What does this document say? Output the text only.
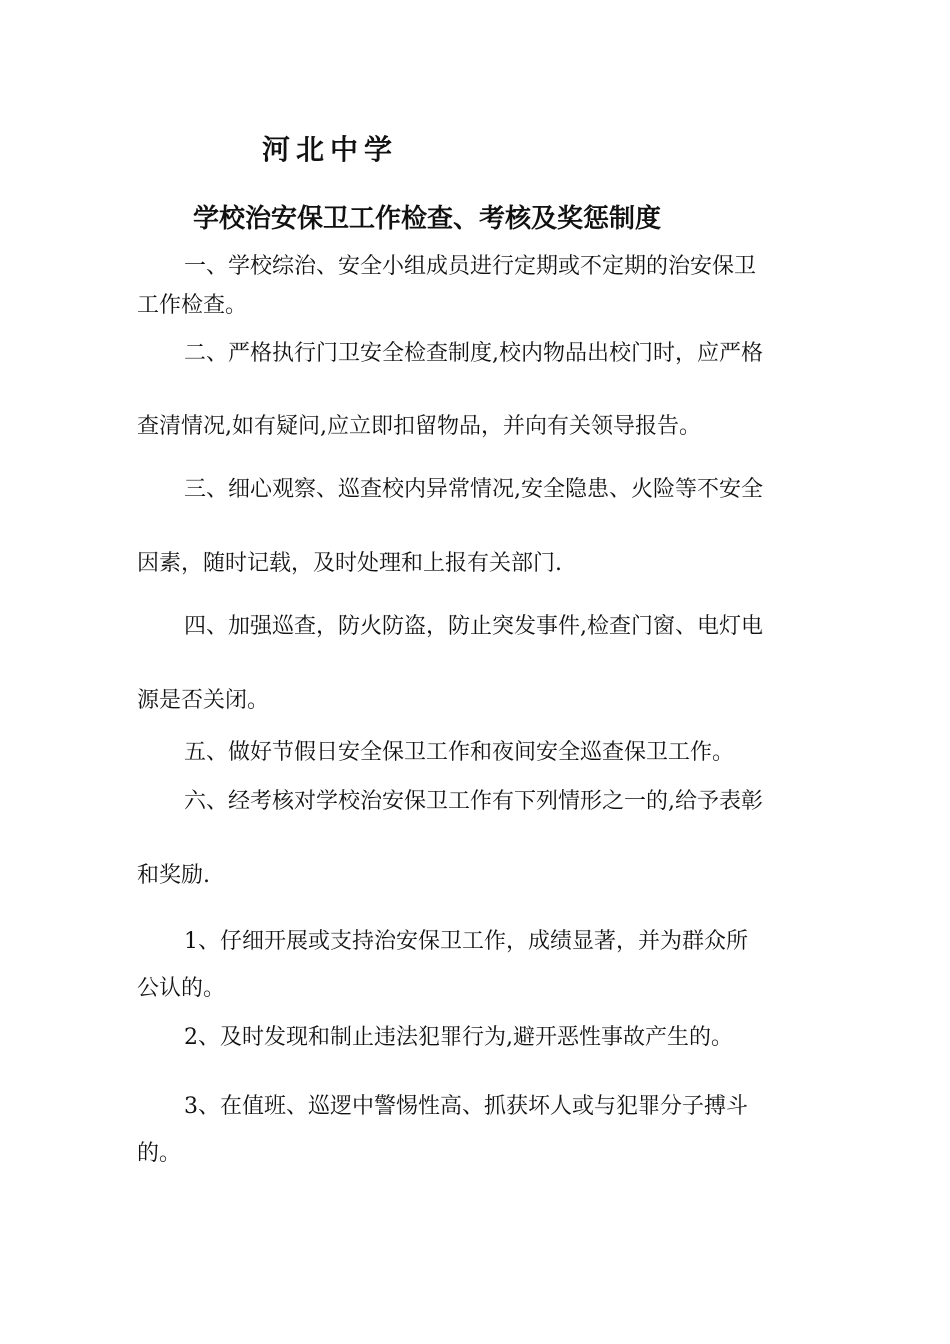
河北中学
学校治安保卫工作检查、考核及奖惩制度
一、学校综治、安全小组成员进行定期或不定期的治安保卫
工作检查。
二、严格执行门卫安全检查制度,校内物品出校门时，应严格
查清情况,如有疑问,应立即扣留物品，并向有关领导报告。
三、细心观察、巡查校内异常情况,安全隐患、火险等不安全
因素，随时记载，及时处理和上报有关部门.
四、加强巡查，防火防盗，防止突发事件,检查门窗、电灯电
源是否关闭。
五、做好节假日安全保卫工作和夜间安全巡查保卫工作。
六、经考核对学校治安保卫工作有下列情形之一的,给予表彰
和奖励.
1、仔细开展或支持治安保卫工作，成绩显著，并为群众所
公认的。
2、及时发现和制止违法犯罪行为,避开恶性事故产生的。
3、在值班、巡逻中警惕性高、抓获坏人或与犯罪分子搏斗
的。
